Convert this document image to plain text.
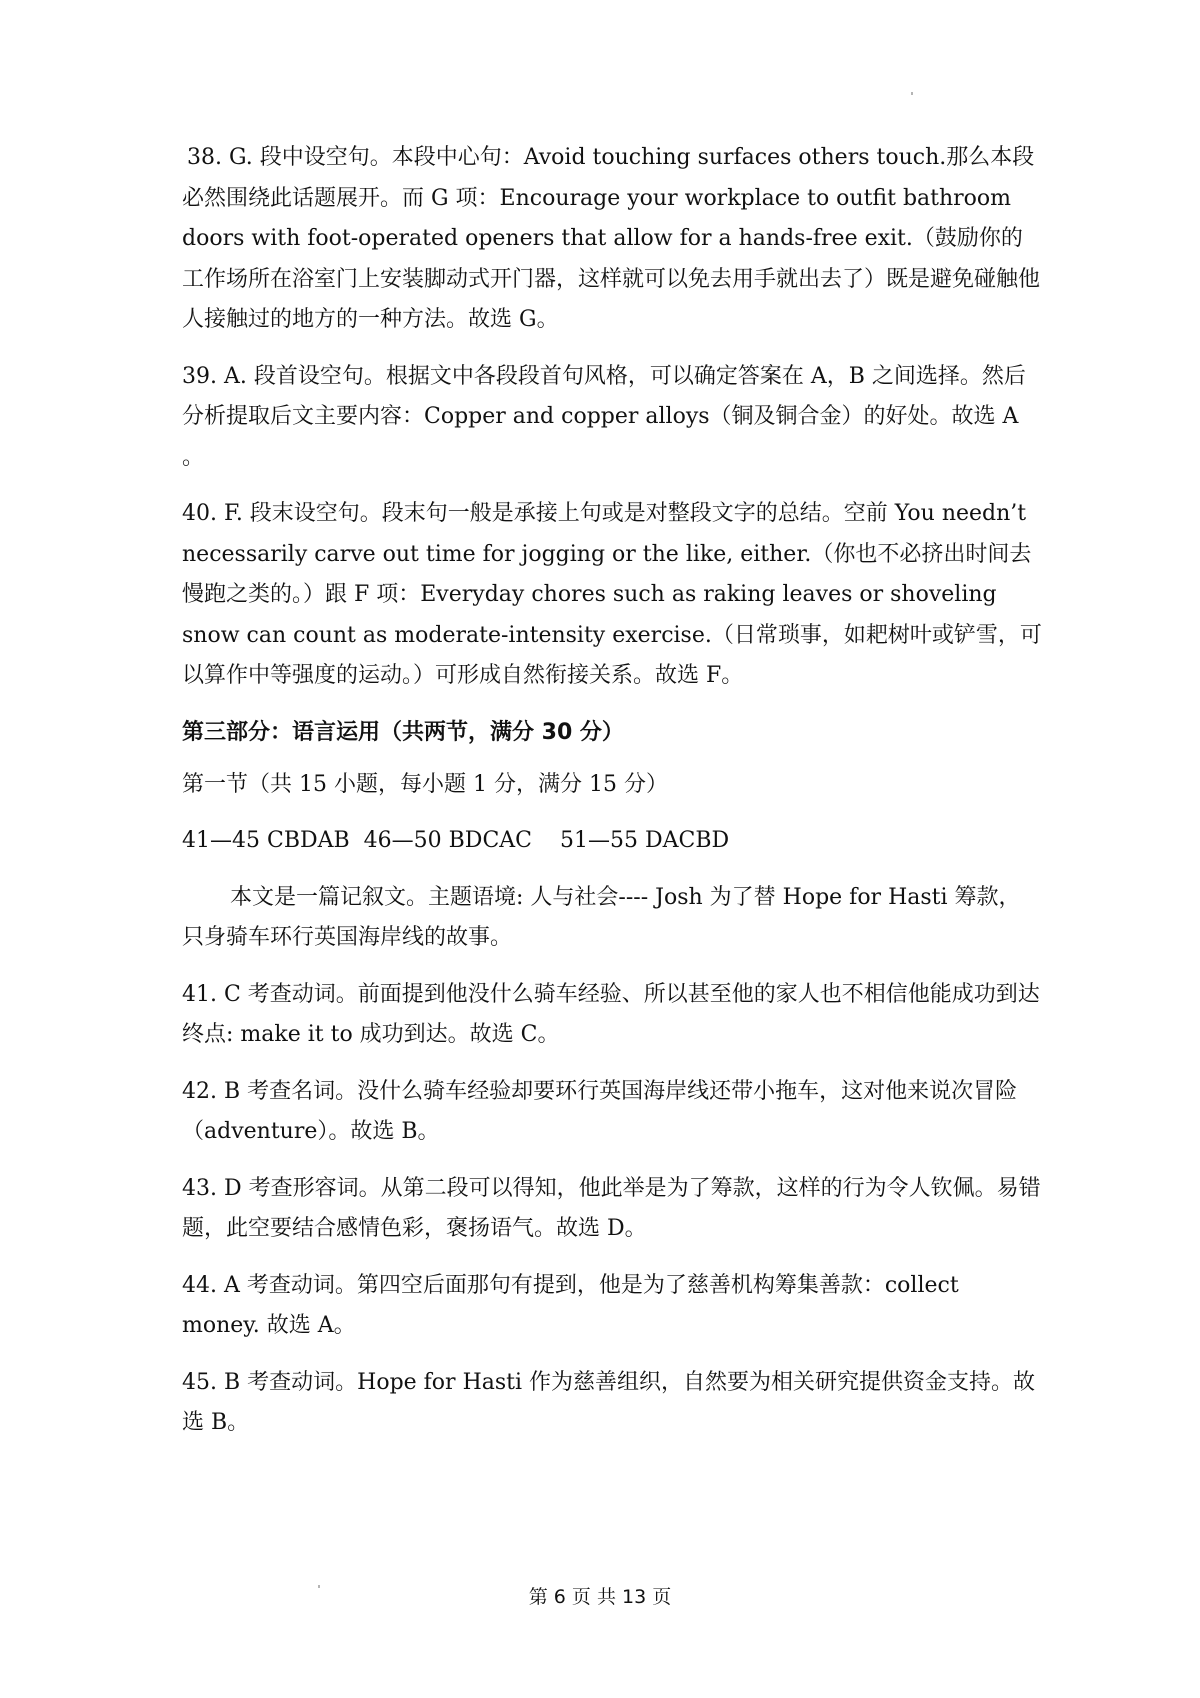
38. G. 段中设空句。本段中心句：Avoid touching surfaces others touch.那么本段必然围绕此话题展开。而 G 项：Encourage your workplace to outfit bathroom doors with foot-operated openers that allow for a hands-free exit.（鼓励你的工作场所在浴室门上安装脚动式开门器，这样就可以免去用手就出去了）既是避免碰触他人接触过的地方的一种方法。故选 G。

39. A. 段首设空句。根据文中各段段首句风格，可以确定答案在 A，B 之间选择。然后分析提取后文主要内容：Copper and copper alloys（铜及铜合金）的好处。故选 A 。

40. F. 段末设空句。段末句一般是承接上句或是对整段文字的总结。空前 You needn’t necessarily carve out time for jogging or the like, either.（你也不必挤出时间去慢跑之类的。）跟 F 项：Everyday chores such as raking leaves or shoveling snow can count as moderate-intensity exercise.（日常琐事，如耙树叶或铲雪，可以算作中等强度的运动。）可形成自然衔接关系。故选 F。

第三部分：语言运用（共两节，满分 30 分）

第一节（共 15 小题，每小题 1 分，满分 15 分）

41—45 CBDAB  46—50 BDCAC    51—55 DACBD

本文是一篇记叙文。主题语境: 人与社会---- Josh 为了替 Hope for Hasti 筹款，只身骑车环行英国海岸线的故事。

41. C 考查动词。前面提到他没什么骑车经验、所以甚至他的家人也不相信他能成功到达终点: make it to 成功到达。故选 C。

42. B 考查名词。没什么骑车经验却要环行英国海岸线还带小拖车，这对他来说次冒险（adventure）。故选 B。

43. D 考查形容词。从第二段可以得知，他此举是为了筹款，这样的行为令人钦佩。易错题，此空要结合感情色彩，褒扬语气。故选 D。

44. A 考查动词。第四空后面那句有提到，他是为了慈善机构筹集善款：collect money. 故选 A。

45. B 考查动词。Hope for Hasti 作为慈善组织，自然要为相关研究提供资金支持。故选 B。

第 6 页 共 13 页
